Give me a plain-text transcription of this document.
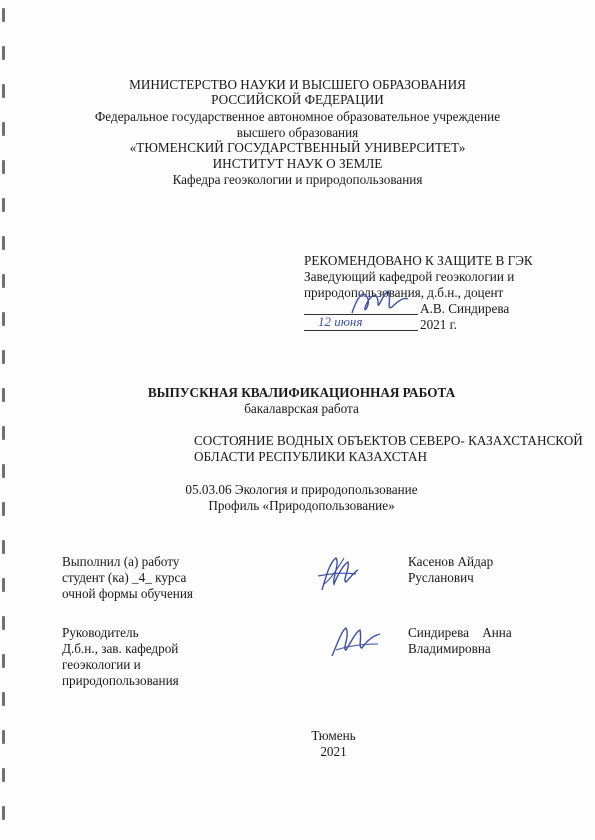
МИНИСТЕРСТВО НАУКИ И ВЫСШЕГО ОБРАЗОВАНИЯ
РОССИЙСКОЙ ФЕДЕРАЦИИ
Федеральное государственное автономное образовательное учреждение
высшего образования
«ТЮМЕНСКИЙ ГОСУДАРСТВЕННЫЙ УНИВЕРСИТЕТ»
ИНСТИТУТ НАУК О ЗЕМЛЕ
Кафедра геоэкологии и природопользования
РЕКОМЕНДОВАНО К ЗАЩИТЕ В ГЭК
Заведующий кафедрой геоэкологии и
природопользования, д.б.н., доцент
А.В. Синдирева
12 июня	2021 г.
ВЫПУСКНАЯ КВАЛИФИКАЦИОННАЯ РАБОТА
бакалаврская работа
СОСТОЯНИЕ ВОДНЫХ ОБЪЕКТОВ СЕВЕРО- КАЗАХСТАНСКОЙ
ОБЛАСТИ РЕСПУБЛИКИ КАЗАХСТАН
05.03.06 Экология и природопользование
Профиль «Природопользование»
Выполнил (а) работу
студент (ка) _4_ курса
очной формы обучения
Касенов Айдар
Русланович
Руководитель
Д.б.н., зав. кафедрой
геоэкологии и
природопользования
Синдирева    Анна
Владимировна
Тюмень
2021
